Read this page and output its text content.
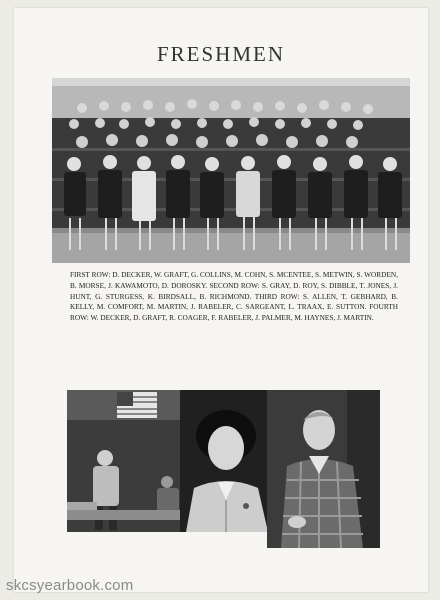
FRESHMEN
FIRST ROW: D. DECKER, W. GRAFT, G. COLLINS, M. COHN, S. MCENTEE, S. METWIN, S. WORDEN, B. MORSE, J. KAWAMOTO, D. DOROSKY. SECOND ROW: S. GRAY, D. ROY, S. DIBBLE, T. JONES, J. HUNT, G. STURGESS, K. BIRDSALL, B. RICHMOND. THIRD ROW: S. ALLEN, T. GEBHARD, B. KELLY, M. COMFORT, M. MARTIN, J. RABELER, C. SARGEANT, L. TRAAX, E. SUTTON. FOURTH ROW: W. DECKER, D. GRAFT, R. COAGER, F. RABELER, J. PALMER, M. HAYNES, J. MARTIN.
skcsyearbook.com
